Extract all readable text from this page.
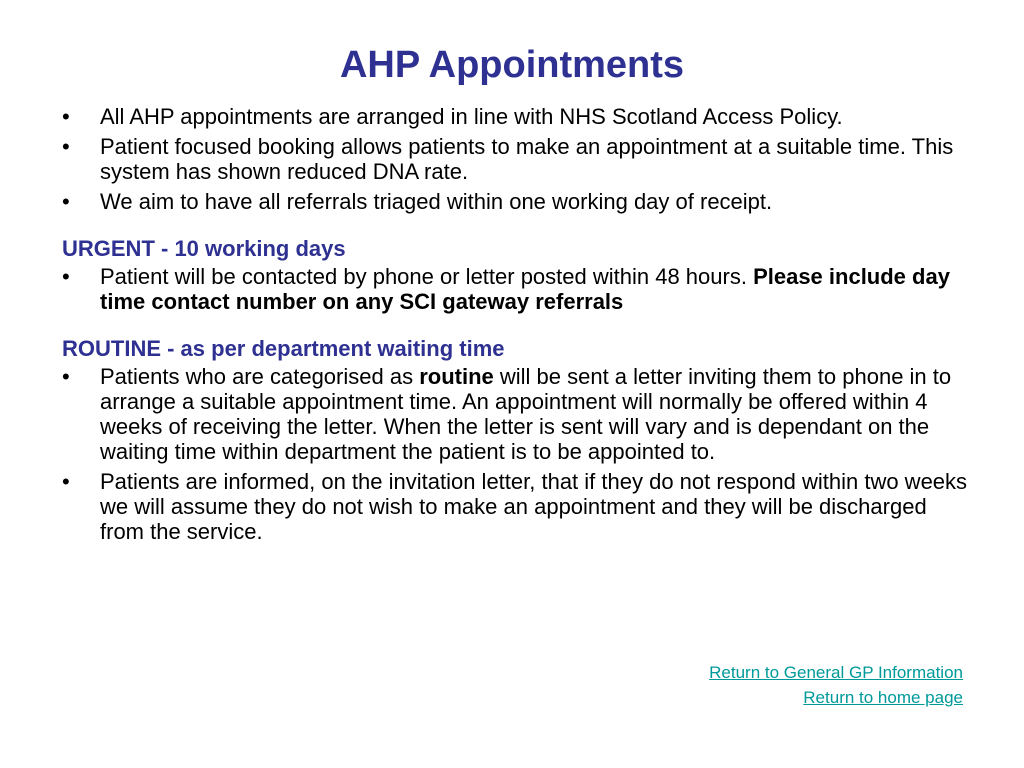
AHP Appointments
• All AHP appointments are arranged in line with NHS Scotland Access Policy.
• Patient focused booking allows patients to make an appointment at a suitable time. This system has shown reduced DNA rate.
• We aim to have all referrals triaged within one working day of receipt.
URGENT - 10 working days
• Patient will be contacted by phone or letter posted within 48 hours. Please include day time contact number on any SCI gateway referrals
ROUTINE - as per department waiting time
• Patients who are categorised as routine will be sent a letter inviting them to phone in to arrange a suitable appointment time. An appointment will normally be offered within 4 weeks of receiving the letter. When the letter is sent will vary and is dependant on the waiting time within department the patient is to be appointed to.
• Patients are informed, on the invitation letter, that if they do not respond within two weeks we will assume they do not wish to make an appointment and they will be discharged from the service.
Return to General GP Information
Return to home page
